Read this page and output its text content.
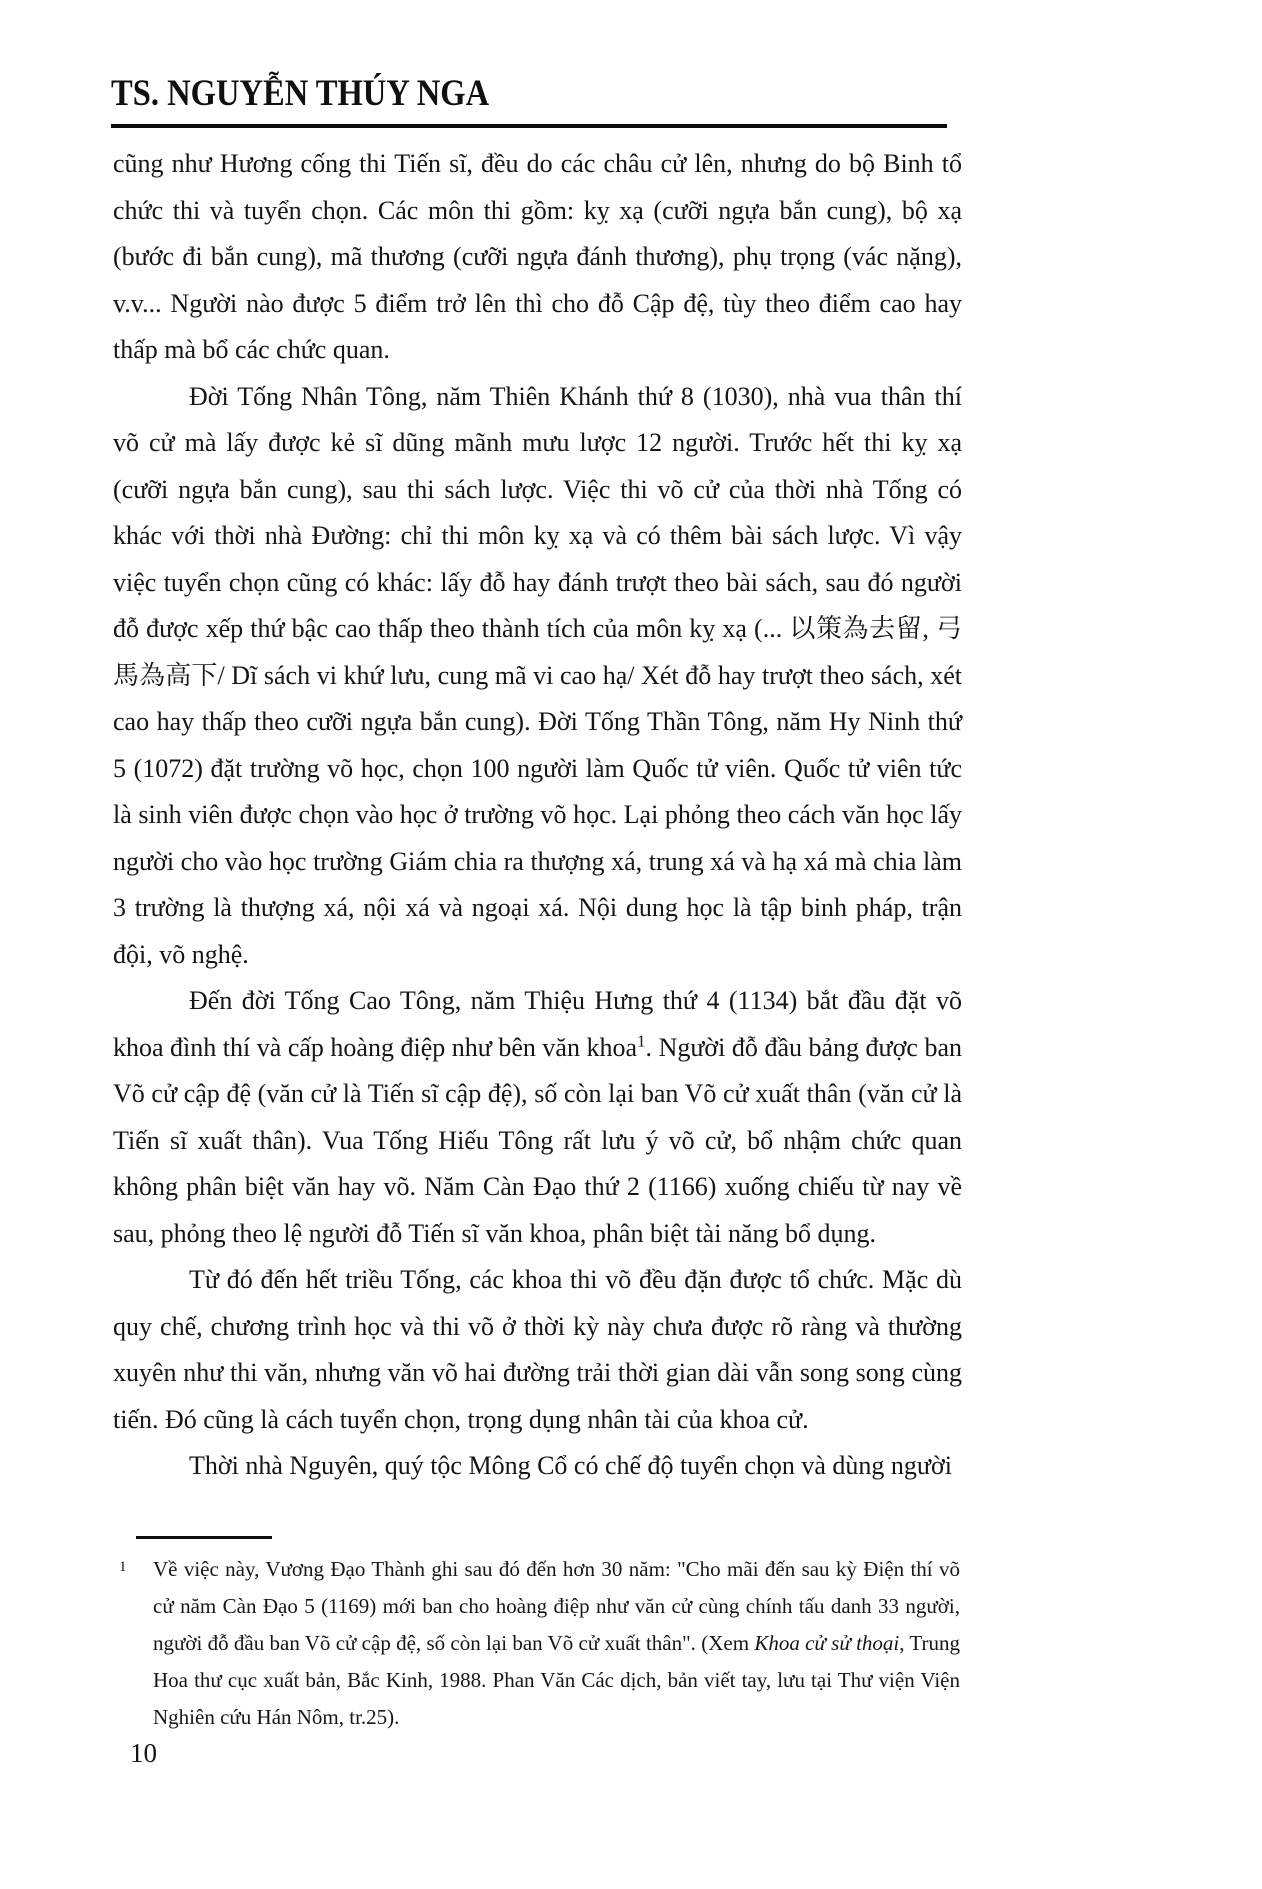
TS. NGUYỄN THÚY NGA

cũng như Hương cống thi Tiến sĩ, đều do các châu cử lên, nhưng do bộ Binh tổ chức thi và tuyển chọn. Các môn thi gồm: kỵ xạ (cưỡi ngựa bắn cung), bộ xạ (bước đi bắn cung), mã thương (cưỡi ngựa đánh thương), phụ trọng (vác nặng), v.v... Người nào được 5 điểm trở lên thì cho đỗ Cập đệ, tùy theo điểm cao hay thấp mà bổ các chức quan.

Đời Tống Nhân Tông, năm Thiên Khánh thứ 8 (1030), nhà vua thân thí võ cử mà lấy được kẻ sĩ dũng mãnh mưu lược 12 người. Trước hết thi kỵ xạ (cưỡi ngựa bắn cung), sau thi sách lược. Việc thi võ cử của thời nhà Tống có khác với thời nhà Đường: chỉ thi môn kỵ xạ và có thêm bài sách lược. Vì vậy việc tuyển chọn cũng có khác: lấy đỗ hay đánh trượt theo bài sách, sau đó người đỗ được xếp thứ bậc cao thấp theo thành tích của môn kỵ xạ (... 以策為去留, 弓馬為高下/ Dĩ sách vi khứ lưu, cung mã vi cao hạ/ Xét đỗ hay trượt theo sách, xét cao hay thấp theo cưỡi ngựa bắn cung). Đời Tống Thần Tông, năm Hy Ninh thứ 5 (1072) đặt trường võ học, chọn 100 người làm Quốc tử viên. Quốc tử viên tức là sinh viên được chọn vào học ở trường võ học. Lại phỏng theo cách văn học lấy người cho vào học trường Giám chia ra thượng xá, trung xá và hạ xá mà chia làm 3 trường là thượng xá, nội xá và ngoại xá. Nội dung học là tập binh pháp, trận đội, võ nghệ.

Đến đời Tống Cao Tông, năm Thiệu Hưng thứ 4 (1134) bắt đầu đặt võ khoa đình thí và cấp hoàng điệp như bên văn khoa$^1$. Người đỗ đầu bảng được ban Võ cử cập đệ (văn cử là Tiến sĩ cập đệ), số còn lại ban Võ cử xuất thân (văn cử là Tiến sĩ xuất thân). Vua Tống Hiếu Tông rất lưu ý võ cử, bổ nhậm chức quan không phân biệt văn hay võ. Năm Càn Đạo thứ 2 (1166) xuống chiếu từ nay về sau, phỏng theo lệ người đỗ Tiến sĩ văn khoa, phân biệt tài năng bổ dụng.

Từ đó đến hết triều Tống, các khoa thi võ đều đặn được tổ chức. Mặc dù quy chế, chương trình học và thi võ ở thời kỳ này chưa được rõ ràng và thường xuyên như thi văn, nhưng văn võ hai đường trải thời gian dài vẫn song song cùng tiến. Đó cũng là cách tuyển chọn, trọng dụng nhân tài của khoa cử.

Thời nhà Nguyên, quý tộc Mông Cổ có chế độ tuyển chọn và dùng người

1 Về việc này, Vương Đạo Thành ghi sau đó đến hơn 30 năm: "Cho mãi đến sau kỳ Điện thí võ cử năm Càn Đạo 5 (1169) mới ban cho hoàng điệp như văn cử cùng chính tấu danh 33 người, người đỗ đầu ban Võ cử cập đệ, số còn lại ban Võ cử xuất thân". (Xem Khoa cử sử thoại, Trung Hoa thư cục xuất bản, Bắc Kinh, 1988. Phan Văn Các dịch, bản viết tay, lưu tại Thư viện Viện Nghiên cứu Hán Nôm, tr.25).
10
